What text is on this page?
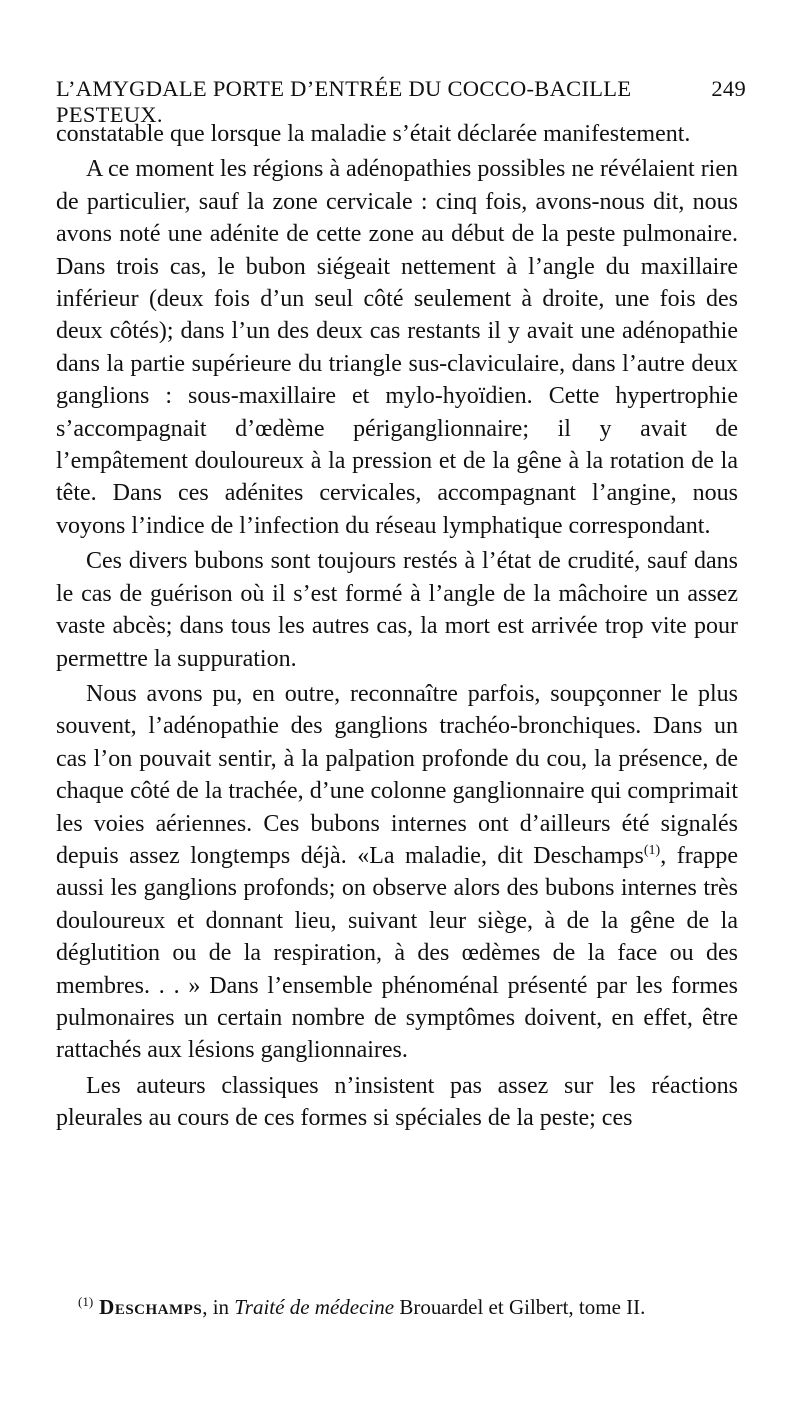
L’AMYGDALE PORTE D’ENTRÉE DU COCCO-BACILLE PESTEUX.
249

constatable que lorsque la maladie s’était déclarée manifestement.

A ce moment les régions à adénopathies possibles ne révélaient rien de particulier, sauf la zone cervicale : cinq fois, avons-nous dit, nous avons noté une adénite de cette zone au début de la peste pulmonaire. Dans trois cas, le bubon siégeait nettement à l’angle du maxillaire inférieur (deux fois d’un seul côté seulement à droite, une fois des deux côtés); dans l’un des deux cas restants il y avait une adénopathie dans la partie supérieure du triangle sus-claviculaire, dans l’autre deux ganglions : sous-maxillaire et mylo-hyoïdien. Cette hypertrophie s’accompagnait d’œdème périganglionnaire; il y avait de l’empâtement douloureux à la pression et de la gêne à la rotation de la tête. Dans ces adénites cervicales, accompagnant l’angine, nous voyons l’indice de l’infection du réseau lymphatique correspondant.

Ces divers bubons sont toujours restés à l’état de crudité, sauf dans le cas de guérison où il s’est formé à l’angle de la mâchoire un assez vaste abcès; dans tous les autres cas, la mort est arrivée trop vite pour permettre la suppuration.

Nous avons pu, en outre, reconnaître parfois, soupçonner le plus souvent, l’adénopathie des ganglions trachéo-bronchiques. Dans un cas l’on pouvait sentir, à la palpation profonde du cou, la présence, de chaque côté de la trachée, d’une colonne ganglionnaire qui comprimait les voies aériennes. Ces bubons internes ont d’ailleurs été signalés depuis assez longtemps déjà. «La maladie, dit Deschamps$^{(1)}$, frappe aussi les ganglions profonds; on observe alors des bubons internes très douloureux et donnant lieu, suivant leur siège, à de la gêne de la déglutition ou de la respiration, à des œdèmes de la face ou des membres. . . » Dans l’ensemble phénoménal présenté par les formes pulmonaires un certain nombre de symptômes doivent, en effet, être rattachés aux lésions ganglionnaires.

Les auteurs classiques n’insistent pas assez sur les réactions pleurales au cours de ces formes si spéciales de la peste; ces

$^{(1)}$ Deschamps, in Traité de médecine Brouardel et Gilbert, tome II.
